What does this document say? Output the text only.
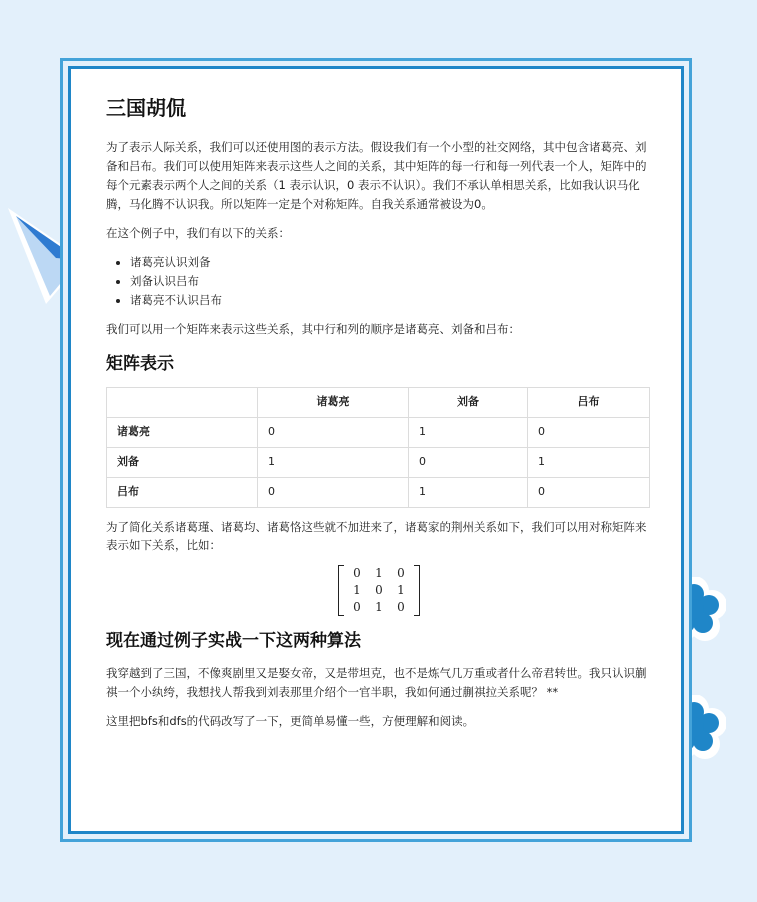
三国胡侃

为了表示人际关系，我们可以还使用图的表示方法。假设我们有一个小型的社交网络，其中包含诸葛亮、刘备和吕布。我们可以使用矩阵来表示这些人之间的关系，其中矩阵的每一行和每一列代表一个人，矩阵中的每个元素表示两个人之间的关系（1 表示认识，0 表示不认识）。我们不承认单相思关系，比如我认识马化腾，马化腾不认识我。所以矩阵一定是个对称矩阵。自我关系通常被设为0。

在这个例子中，我们有以下的关系：

• 诸葛亮认识刘备
• 刘备认识吕布
• 诸葛亮不认识吕布

我们可以用一个矩阵来表示这些关系，其中行和列的顺序是诸葛亮、刘备和吕布：

矩阵表示
	诸葛亮	刘备	吕布
诸葛亮	0	1	0
刘备	1	0	1
吕布	0	1	0

为了简化关系诸葛瑾、诸葛均、诸葛恪这些就不加进来了，诸葛家的荆州关系如下，我们可以用对称矩阵来表示如下关系，比如：

0	1	0
1	0	1
0	1	0
现在通过例子实战一下这两种算法

我穿越到了三国，不像爽剧里又是娶女帝，又是带坦克，也不是炼气几万重或者什么帝君转世。我只认识蒯祺一个小纨绔，我想找人帮我到刘表那里介绍个一官半职，我如何通过蒯祺拉关系呢？ **

这里把bfs和dfs的代码改写了一下，更简单易懂一些，方便理解和阅读。
